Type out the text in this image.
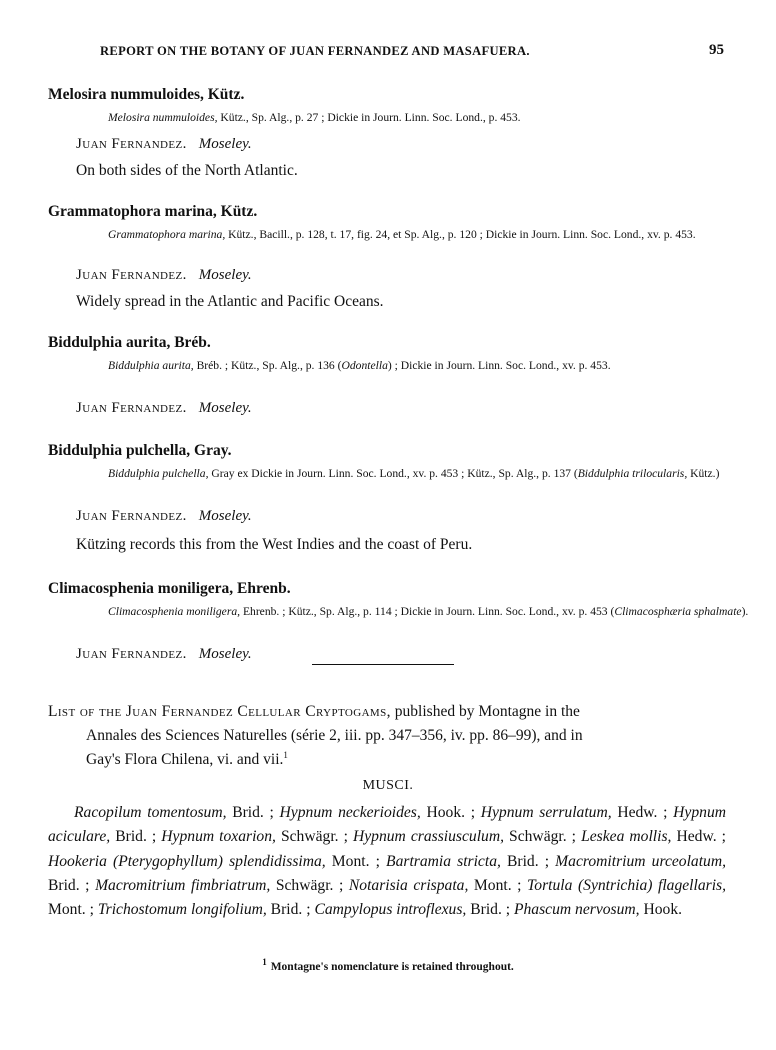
REPORT ON THE BOTANY OF JUAN FERNANDEZ AND MASAFUERA.	95
Melosira nummuloides, Kütz.
Melosira nummuloides, Kütz., Sp. Alg., p. 27 ; Dickie in Journ. Linn. Soc. Lond., p. 453.
Juan Fernandez. Moseley.
On both sides of the North Atlantic.
Grammatophora marina, Kütz.
Grammatophora marina, Kütz., Bacill., p. 128, t. 17, fig. 24, et Sp. Alg., p. 120 ; Dickie in Journ. Linn. Soc. Lond., xv. p. 453.
Juan Fernandez. Moseley.
Widely spread in the Atlantic and Pacific Oceans.
Biddulphia aurita, Bréb.
Biddulphia aurita, Bréb. ; Kütz., Sp. Alg., p. 136 (Odontella) ; Dickie in Journ. Linn. Soc. Lond., xv. p. 453.
Juan Fernandez. Moseley.
Biddulphia pulchella, Gray.
Biddulphia pulchella, Gray ex Dickie in Journ. Linn. Soc. Lond., xv. p. 453 ; Kütz., Sp. Alg., p. 137 (Biddulphia trilocularis, Kütz.)
Juan Fernandez. Moseley.
Kützing records this from the West Indies and the coast of Peru.
Climacosphenia moniligera, Ehrenb.
Climacosphenia moniligera, Ehrenb. ; Kütz., Sp. Alg., p. 114 ; Dickie in Journ. Linn. Soc. Lond., xv. p. 453 (Climacosphæria sphalmate).
Juan Fernandez. Moseley.
List of the Juan Fernandez Cellular Cryptogams, published by Montagne in the
Annales des Sciences Naturelles (série 2, iii. pp. 347–356, iv. pp. 86–99), and in
Gay's Flora Chilena, vi. and vii.$^1$
MUSCI.
Racopilum tomentosum, Brid. ; Hypnum neckerioides, Hook. ; Hypnum serrulatum, Hedw. ; Hypnum aciculare, Brid. ; Hypnum toxarion, Schwägr. ; Hypnum crassiusculum, Schwägr. ; Leskea mollis, Hedw. ; Hookeria (Pterygophyllum) splendidissima, Mont. ; Bartramia stricta, Brid. ; Macromitrium urceolatum, Brid. ; Macromitrium fimbriatrum, Schwägr. ; Notarisia crispata, Mont. ; Tortula (Syntrichia) flagellaris, Mont. ; Trichostomum longifolium, Brid. ; Campylopus introflexus, Brid. ; Phascum nervosum, Hook.
$^1$ Montagne's nomenclature is retained throughout.
